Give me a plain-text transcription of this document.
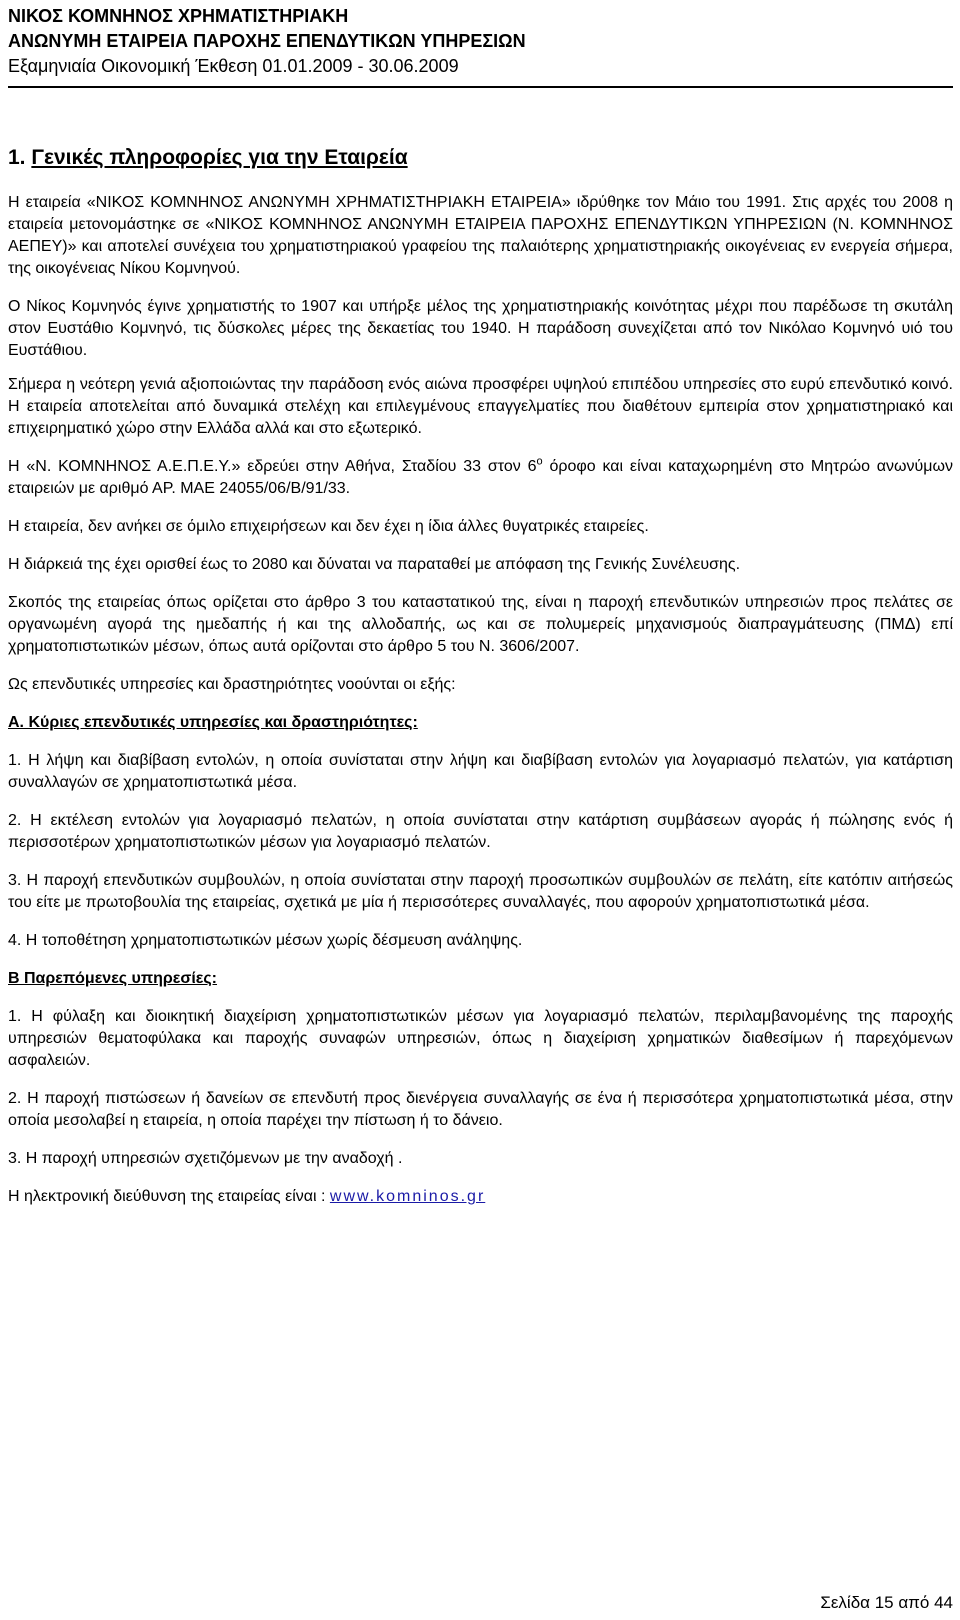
ΝΙΚΟΣ ΚΟΜΝΗΝΟΣ ΧΡΗΜΑΤΙΣΤΗΡΙΑΚΗ

ΑΝΩΝΥΜΗ ΕΤΑΙΡΕΙΑ ΠΑΡΟΧΗΣ ΕΠΕΝΔΥΤΙΚΩΝ ΥΠΗΡΕΣΙΩΝ

Εξαμηνιαία Οικονομική Έκθεση 01.01.2009 - 30.06.2009

1. Γενικές πληροφορίες για την Εταιρεία

Η εταιρεία «ΝΙΚΟΣ ΚΟΜΝΗΝΟΣ ΑΝΩΝΥΜΗ ΧΡΗΜΑΤΙΣΤΗΡΙΑΚΗ ΕΤΑΙΡΕΙΑ» ιδρύθηκε τον Μάιο του 1991. Στις αρχές του 2008 η εταιρεία μετονομάστηκε σε «ΝΙΚΟΣ ΚΟΜΝΗΝΟΣ ΑΝΩΝΥΜΗ ΕΤΑΙΡΕΙΑ ΠΑΡΟΧΗΣ ΕΠΕΝΔΥΤΙΚΩΝ ΥΠΗΡΕΣΙΩΝ (Ν. ΚΟΜΝΗΝΟΣ ΑΕΠΕΥ)» και αποτελεί συνέχεια του χρηματιστηριακού γραφείου της παλαιότερης χρηματιστηριακής οικογένειας εν ενεργεία σήμερα, της οικογένειας Νίκου Κομνηνού.

Ο Νίκος Κομνηνός έγινε χρηματιστής το 1907 και υπήρξε μέλος της χρηματιστηριακής κοινότητας μέχρι που παρέδωσε τη σκυτάλη στον Ευστάθιο Κομνηνό, τις δύσκολες μέρες της δεκαετίας του 1940. Η παράδοση συνεχίζεται από τον Νικόλαο Κομνηνό υιό του Ευστάθιου.

Σήμερα η νεότερη γενιά αξιοποιώντας την παράδοση ενός αιώνα προσφέρει υψηλού επιπέδου υπηρεσίες στο ευρύ επενδυτικό κοινό. Η εταιρεία αποτελείται από δυναμικά στελέχη και επιλεγμένους επαγγελματίες που διαθέτουν εμπειρία στον χρηματιστηριακό και επιχειρηματικό χώρο στην Ελλάδα αλλά και στο εξωτερικό.

Η «Ν. ΚΟΜΝΗΝΟΣ Α.Ε.Π.Ε.Υ.» εδρεύει στην Αθήνα, Σταδίου 33 στον $6^o$ όροφο και είναι καταχωρημένη στο Μητρώο ανωνύμων εταιρειών με αριθμό ΑΡ. ΜΑΕ 24055/06/Β/91/33.

Η εταιρεία, δεν ανήκει σε όμιλο επιχειρήσεων και δεν έχει η ίδια άλλες θυγατρικές εταιρείες.

Η διάρκειά της έχει ορισθεί έως το 2080 και δύναται να παραταθεί με απόφαση της Γενικής Συνέλευσης.

Σκοπός της εταιρείας όπως ορίζεται στο άρθρο 3 του καταστατικού της, είναι η παροχή επενδυτικών υπηρεσιών προς πελάτες σε οργανωμένη αγορά της ημεδαπής ή και της αλλοδαπής, ως και σε πολυμερείς μηχανισμούς διαπραγμάτευσης (ΠΜΔ) επί χρηματοπιστωτικών μέσων, όπως αυτά ορίζονται στο άρθρο 5 του Ν. 3606/2007.

Ως επενδυτικές υπηρεσίες και δραστηριότητες νοούνται οι εξής:

Α. Κύριες επενδυτικές υπηρεσίες και δραστηριότητες:

1. Η λήψη και διαβίβαση εντολών, η οποία συνίσταται στην λήψη και διαβίβαση εντολών για λογαριασμό πελατών, για κατάρτιση συναλλαγών σε χρηματοπιστωτικά μέσα.

2. Η εκτέλεση εντολών για λογαριασμό πελατών, η οποία συνίσταται στην κατάρτιση συμβάσεων αγοράς ή πώλησης ενός ή περισσοτέρων χρηματοπιστωτικών μέσων για λογαριασμό πελατών.

3. Η παροχή επενδυτικών συμβουλών, η οποία συνίσταται στην παροχή προσωπικών συμβουλών σε πελάτη, είτε κατόπιν αιτήσεώς του είτε με πρωτοβουλία της εταιρείας, σχετικά με μία ή περισσότερες συναλλαγές, που αφορούν χρηματοπιστωτικά μέσα.

4. Η τοποθέτηση χρηματοπιστωτικών μέσων χωρίς δέσμευση ανάληψης.

Β Παρεπόμενες υπηρεσίες:

1. Η φύλαξη και διοικητική διαχείριση χρηματοπιστωτικών μέσων για λογαριασμό πελατών, περιλαμβανομένης της παροχής υπηρεσιών θεματοφύλακα και παροχής συναφών υπηρεσιών, όπως η διαχείριση χρηματικών διαθεσίμων ή παρεχόμενων ασφαλειών.

2. Η παροχή πιστώσεων ή δανείων σε επενδυτή προς διενέργεια συναλλαγής σε ένα ή περισσότερα χρηματοπιστωτικά μέσα, στην οποία μεσολαβεί η εταιρεία, η οποία παρέχει την πίστωση ή το δάνειο.

3. Η παροχή υπηρεσιών σχετιζόμενων με την αναδοχή .

Η ηλεκτρονική διεύθυνση της εταιρείας είναι : www.komninos.gr

Σελίδα 15 από 44
